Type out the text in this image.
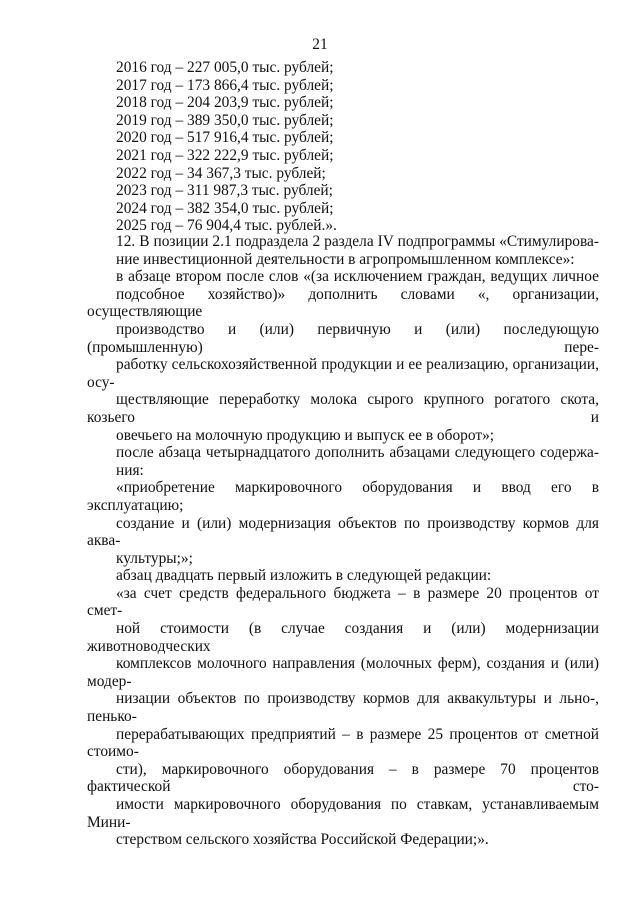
21
2016 год – 227 005,0 тыс. рублей;
2017 год – 173 866,4 тыс. рублей;
2018 год – 204 203,9 тыс. рублей;
2019 год – 389 350,0 тыс. рублей;
2020 год – 517 916,4 тыс. рублей;
2021 год – 322 222,9 тыс. рублей;
2022 год – 34 367,3 тыс. рублей;
2023 год – 311 987,3 тыс. рублей;
2024 год – 382 354,0 тыс. рублей;
2025 год – 76 904,4 тыс. рублей.».

12. В позиции 2.1 подраздела 2 раздела IV подпрограммы «Стимулирова-
ние инвестиционной деятельности в агропромышленном комплексе»:

в абзаце втором после слов «(за исключением граждан, ведущих личное
подсобное хозяйство)» дополнить словами «, организации, осуществляющие
производство и (или) первичную и (или) последующую (промышленную) пере-
работку сельскохозяйственной продукции и ее реализацию, организации, осу-
ществляющие переработку молока сырого крупного рогатого скота, козьего и
овечьего на молочную продукцию и выпуск ее в оборот»;

после абзаца четырнадцатого дополнить абзацами следующего содержа-
ния:

«приобретение маркировочного оборудования и ввод его в эксплуатацию;

создание и (или) модернизация объектов по производству кормов для аква-
культуры;»;

абзац двадцать первый изложить в следующей редакции:

«за счет средств федерального бюджета – в размере 20 процентов от смет-
ной стоимости (в случае создания и (или) модернизации животноводческих
комплексов молочного направления (молочных ферм), создания и (или) модер-
низации объектов по производству кормов для аквакультуры и льно-, пенько-
перерабатывающих предприятий – в размере 25 процентов от сметной стоимо-
сти), маркировочного оборудования – в размере 70 процентов фактической сто-
имости маркировочного оборудования по ставкам, устанавливаемым Мини-
стерством сельского хозяйства Российской Федерации;».
